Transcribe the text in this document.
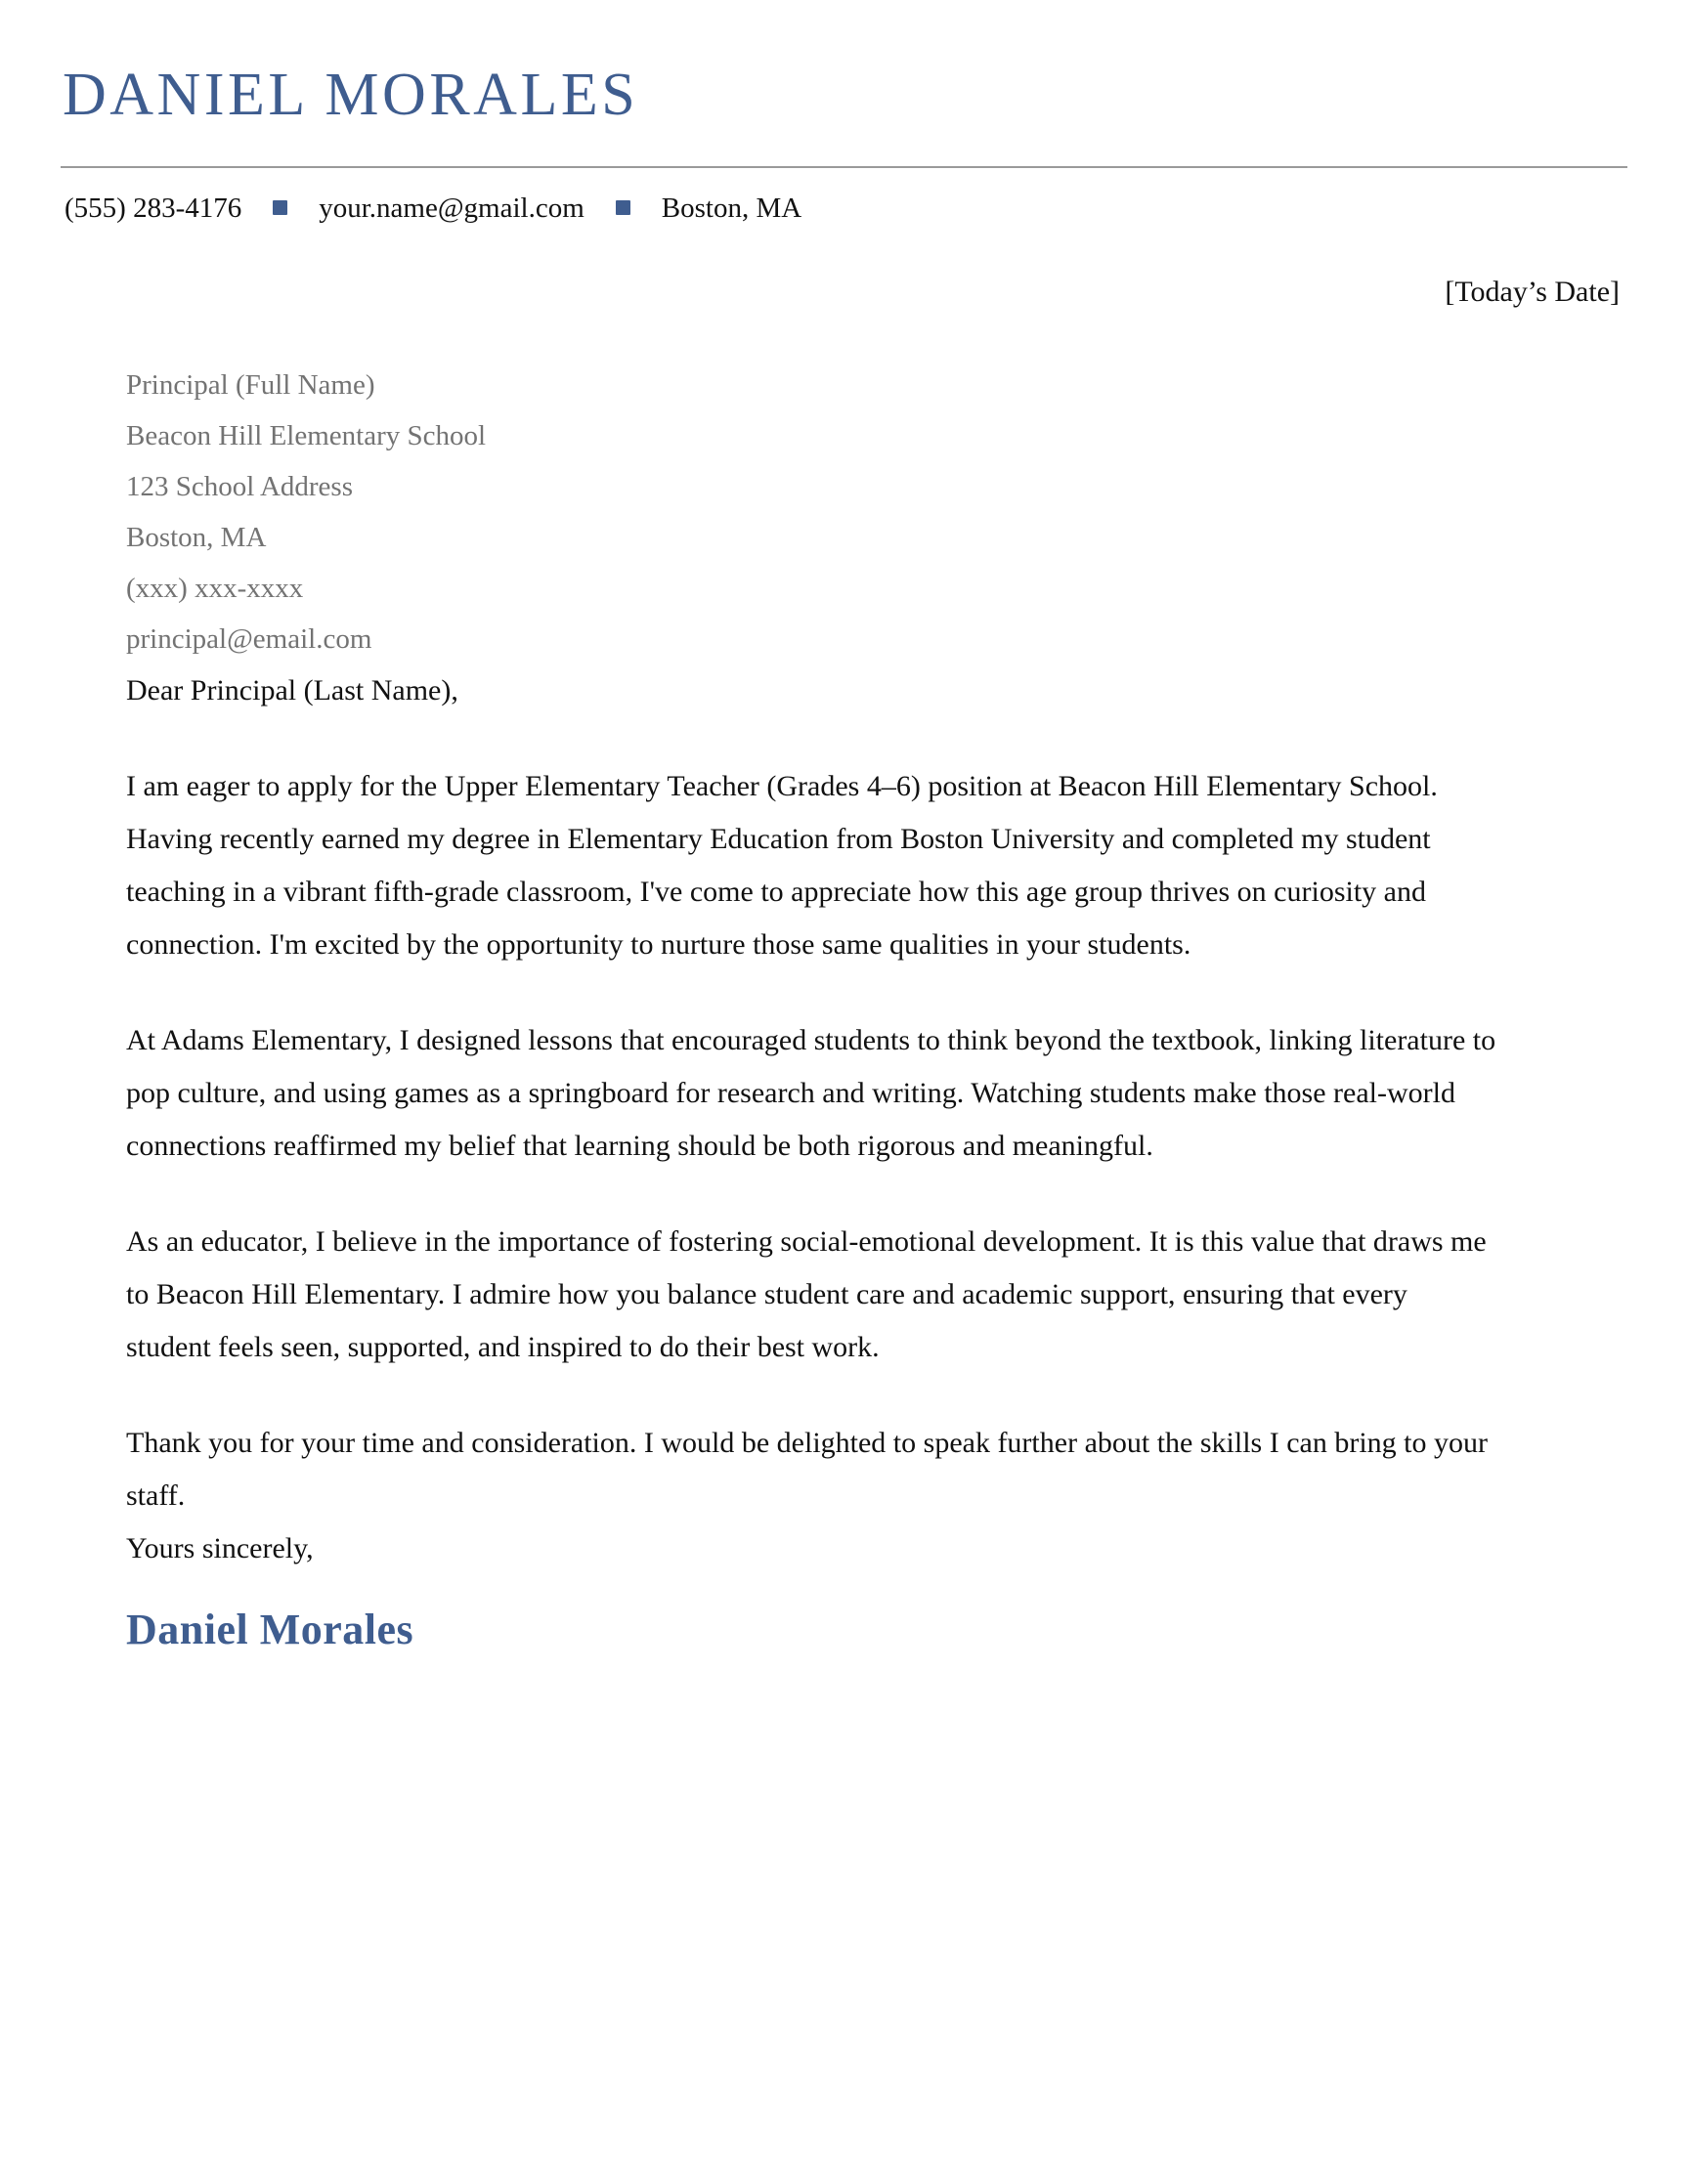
DANIEL MORALES
(555) 283-4176	your.name@gmail.com	Boston, MA
[Today’s Date]
Principal (Full Name)
Beacon Hill Elementary School
123 School Address
Boston, MA
(xxx) xxx-xxxx
principal@email.com

Dear Principal (Last Name),

I am eager to apply for the Upper Elementary Teacher (Grades 4–6) position at Beacon Hill Elementary School. Having recently earned my degree in Elementary Education from Boston University and completed my student teaching in a vibrant fifth-grade classroom, I've come to appreciate how this age group thrives on curiosity and connection. I'm excited by the opportunity to nurture those same qualities in your students.

At Adams Elementary, I designed lessons that encouraged students to think beyond the textbook, linking literature to pop culture, and using games as a springboard for research and writing. Watching students make those real-world connections reaffirmed my belief that learning should be both rigorous and meaningful.

As an educator, I believe in the importance of fostering social-emotional development. It is this value that draws me to Beacon Hill Elementary. I admire how you balance student care and academic support, ensuring that every student feels seen, supported, and inspired to do their best work.

Thank you for your time and consideration. I would be delighted to speak further about the skills I can bring to your staff.

Yours sincerely,

Daniel Morales
